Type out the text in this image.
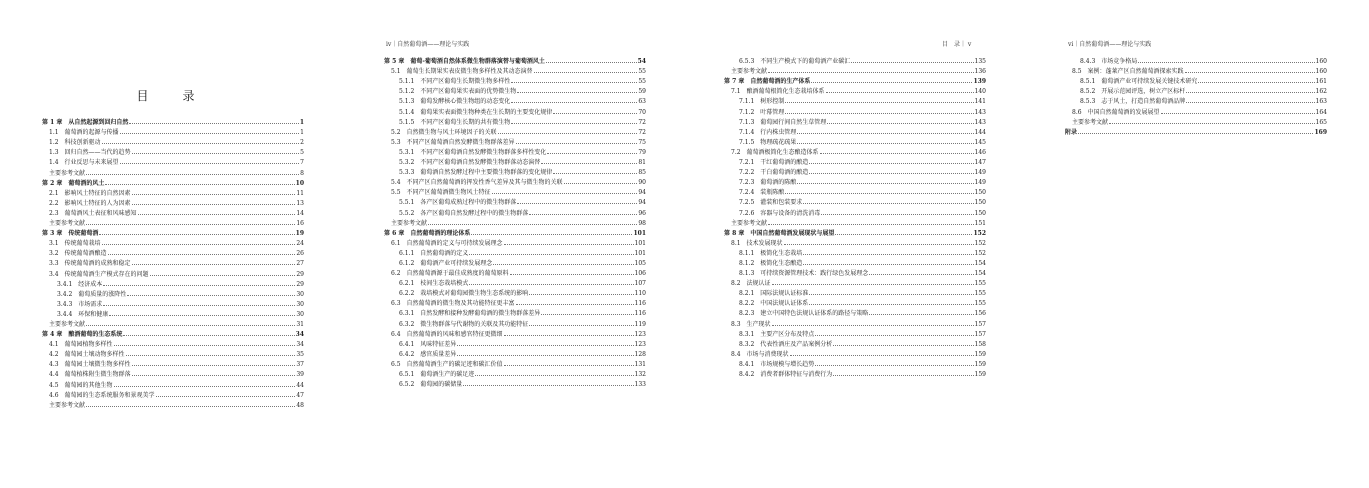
目　录
第 1 章　从自然起源到回归自然	1
1.1　葡萄酒的起源与传播	1
1.2　科技创新驱动	2
1.3　回归自然——当代的趋势	5
1.4　行业反思与未来展望	7
主要参考文献	8
第 2 章　葡萄酒的风土	10
2.1　影响风土特征的自然因素	11
2.2　影响风土特征的人为因素	13
2.3　葡萄酒风土表征和风味感知	14
主要参考文献	16
第 3 章　传统葡萄酒	19
3.1　传统葡萄栽培	24
3.2　传统葡萄酒酿造	26
3.3　传统葡萄酒的成熟和稳定	27
3.4　传统葡萄酒生产模式存在的问题	29
3.4.1　经济成本	29
3.4.2　葡萄质量的涨降性	30
3.4.3　市场需求	30
3.4.4　环保和健康	30
主要参考文献	31
第 4 章　酿酒葡萄的生态系统	34
4.1　葡萄园植物多样性	34
4.2　葡萄园土壤动物多样性	35
4.3　葡萄园土壤微生物多样性	37
4.4　葡萄植株附生微生物群落	39
4.5　葡萄园的其他生物	44
4.6　葡萄园的生态系统服务和景观美学	47
主要参考文献	48
iv｜自然葡萄酒——理论与实践
第 5 章　葡萄-葡萄酒自然体系微生物群落演替与葡萄酒风土	54
5.1　葡萄生长期果实表皮微生物多样性及其动态演替	55
5.1.1　不同产区葡萄生长期微生物多样性	55
5.1.2　不同产区葡萄果实表面的优势微生物	59
5.1.3　葡萄发酵核心微生物组的动态变化	63
5.1.4　葡萄果实表面微生物种类在生长期的主要变化规律	70
5.1.5　不同产区葡萄生长期的共有微生物	72
5.2　自然微生物与风土环境因子的关联	72
5.3　不同产区葡萄酒自然发酵微生物群落差异	75
5.3.1　不同产区葡萄酒自然发酵微生物群落多样性变化	79
5.3.2　不同产区葡萄酒自然发酵微生物群落动态演替	81
5.3.3　葡萄酒自然发酵过程中主要微生物群落的变化规律	85
5.4　不同产区自然葡萄酒的挥发性香气差异及其与微生物的关联	90
5.5　不同产区葡萄酒微生物风土特征	94
5.5.1　各产区葡萄成熟过程中的微生物群落	94
5.5.2　各产区葡萄自然发酵过程中的微生物群落	96
主要参考文献	98
第 6 章　自然葡萄酒的理论体系	101
6.1　自然葡萄酒的定义与可持续发展理念	101
6.1.1　自然葡萄酒的定义	101
6.1.2　葡萄酒产业可持续发展理念	105
6.2　自然葡萄酒源于最佳成熟度的葡萄原料	106
6.2.1　枝间生态栽培模式	107
6.2.2　栽培模式对葡萄园微生物生态系统的影响	110
6.3　自然葡萄酒的微生物及其功能特征更丰富	116
6.3.1　自然发酵和接种发酵葡萄酒的微生物群落差异	116
6.3.2　微生物群落与代谢物的关联及其功能特征	119
6.4　自然葡萄酒的风味和感官特征更微细	123
6.4.1　风味特征差异	123
6.4.2　感官质量差异	128
6.5　自然葡萄酒生产的碳足迹和碳汇价值	131
6.5.1　葡萄酒生产的碳足迹	132
6.5.2　葡萄园的碳储量	133
目　录｜ v
6.5.3　不同生产模式下的葡萄酒产业碳汇	135
主要参考文献	136
第 7 章　自然葡萄酒的生产体系	139
7.1　酿酒葡萄根简化生态栽培体系	140
7.1.1　树形控制	141
7.1.2　叶幕管理	143
7.1.3　葡萄园行间自然生草管理	143
7.1.4　行内株虫管理	144
7.1.5　物理疏花疏果	145
7.2　葡萄酒极简化生态酿造体系	146
7.2.1　干红葡萄酒的酿造	147
7.2.2　干白葡萄酒的酿造	149
7.2.3　葡萄酒的陈酿	149
7.2.4　装瓶陈酿	150
7.2.5　灌装和包装要求	150
7.2.6　容器与设备的清洗消毒	150
主要参考文献	151
第 8 章　中国自然葡萄酒发展现状与展望	152
8.1　技术发展现状	152
8.1.1　极简化生态栽培	152
8.1.2　极简化生态酿造	154
8.1.3　可持续资源管理技术：践行绿色发展理念	154
8.2　法规认证	155
8.2.1　国际法规认证标准	155
8.2.2　中国法规认证体系	155
8.2.3　建立中国特色法规认证体系的路径与策略	156
8.3　生产现状	157
8.3.1　主要产区分布及特点	157
8.3.2　代表性酒庄及产品案例分析	158
8.4　市场与消费现状	159
8.4.1　市场规模与增长趋势	159
8.4.2　消费者群体特征与消费行为	159
vi｜自然葡萄酒——理论与实践
8.4.3　市场竞争格局	160
8.5　案例：蓬莱产区自然葡萄酒探索实践	160
8.5.1　葡萄酒产业可持续发展关键技术研究	161
8.5.2　开展示范园评选，树立产区标杆	162
8.5.3　志于风土，打造自然葡萄酒品牌	163
8.6　中国自然葡萄酒的发展展望	164
主要参考文献	165
附录	169
